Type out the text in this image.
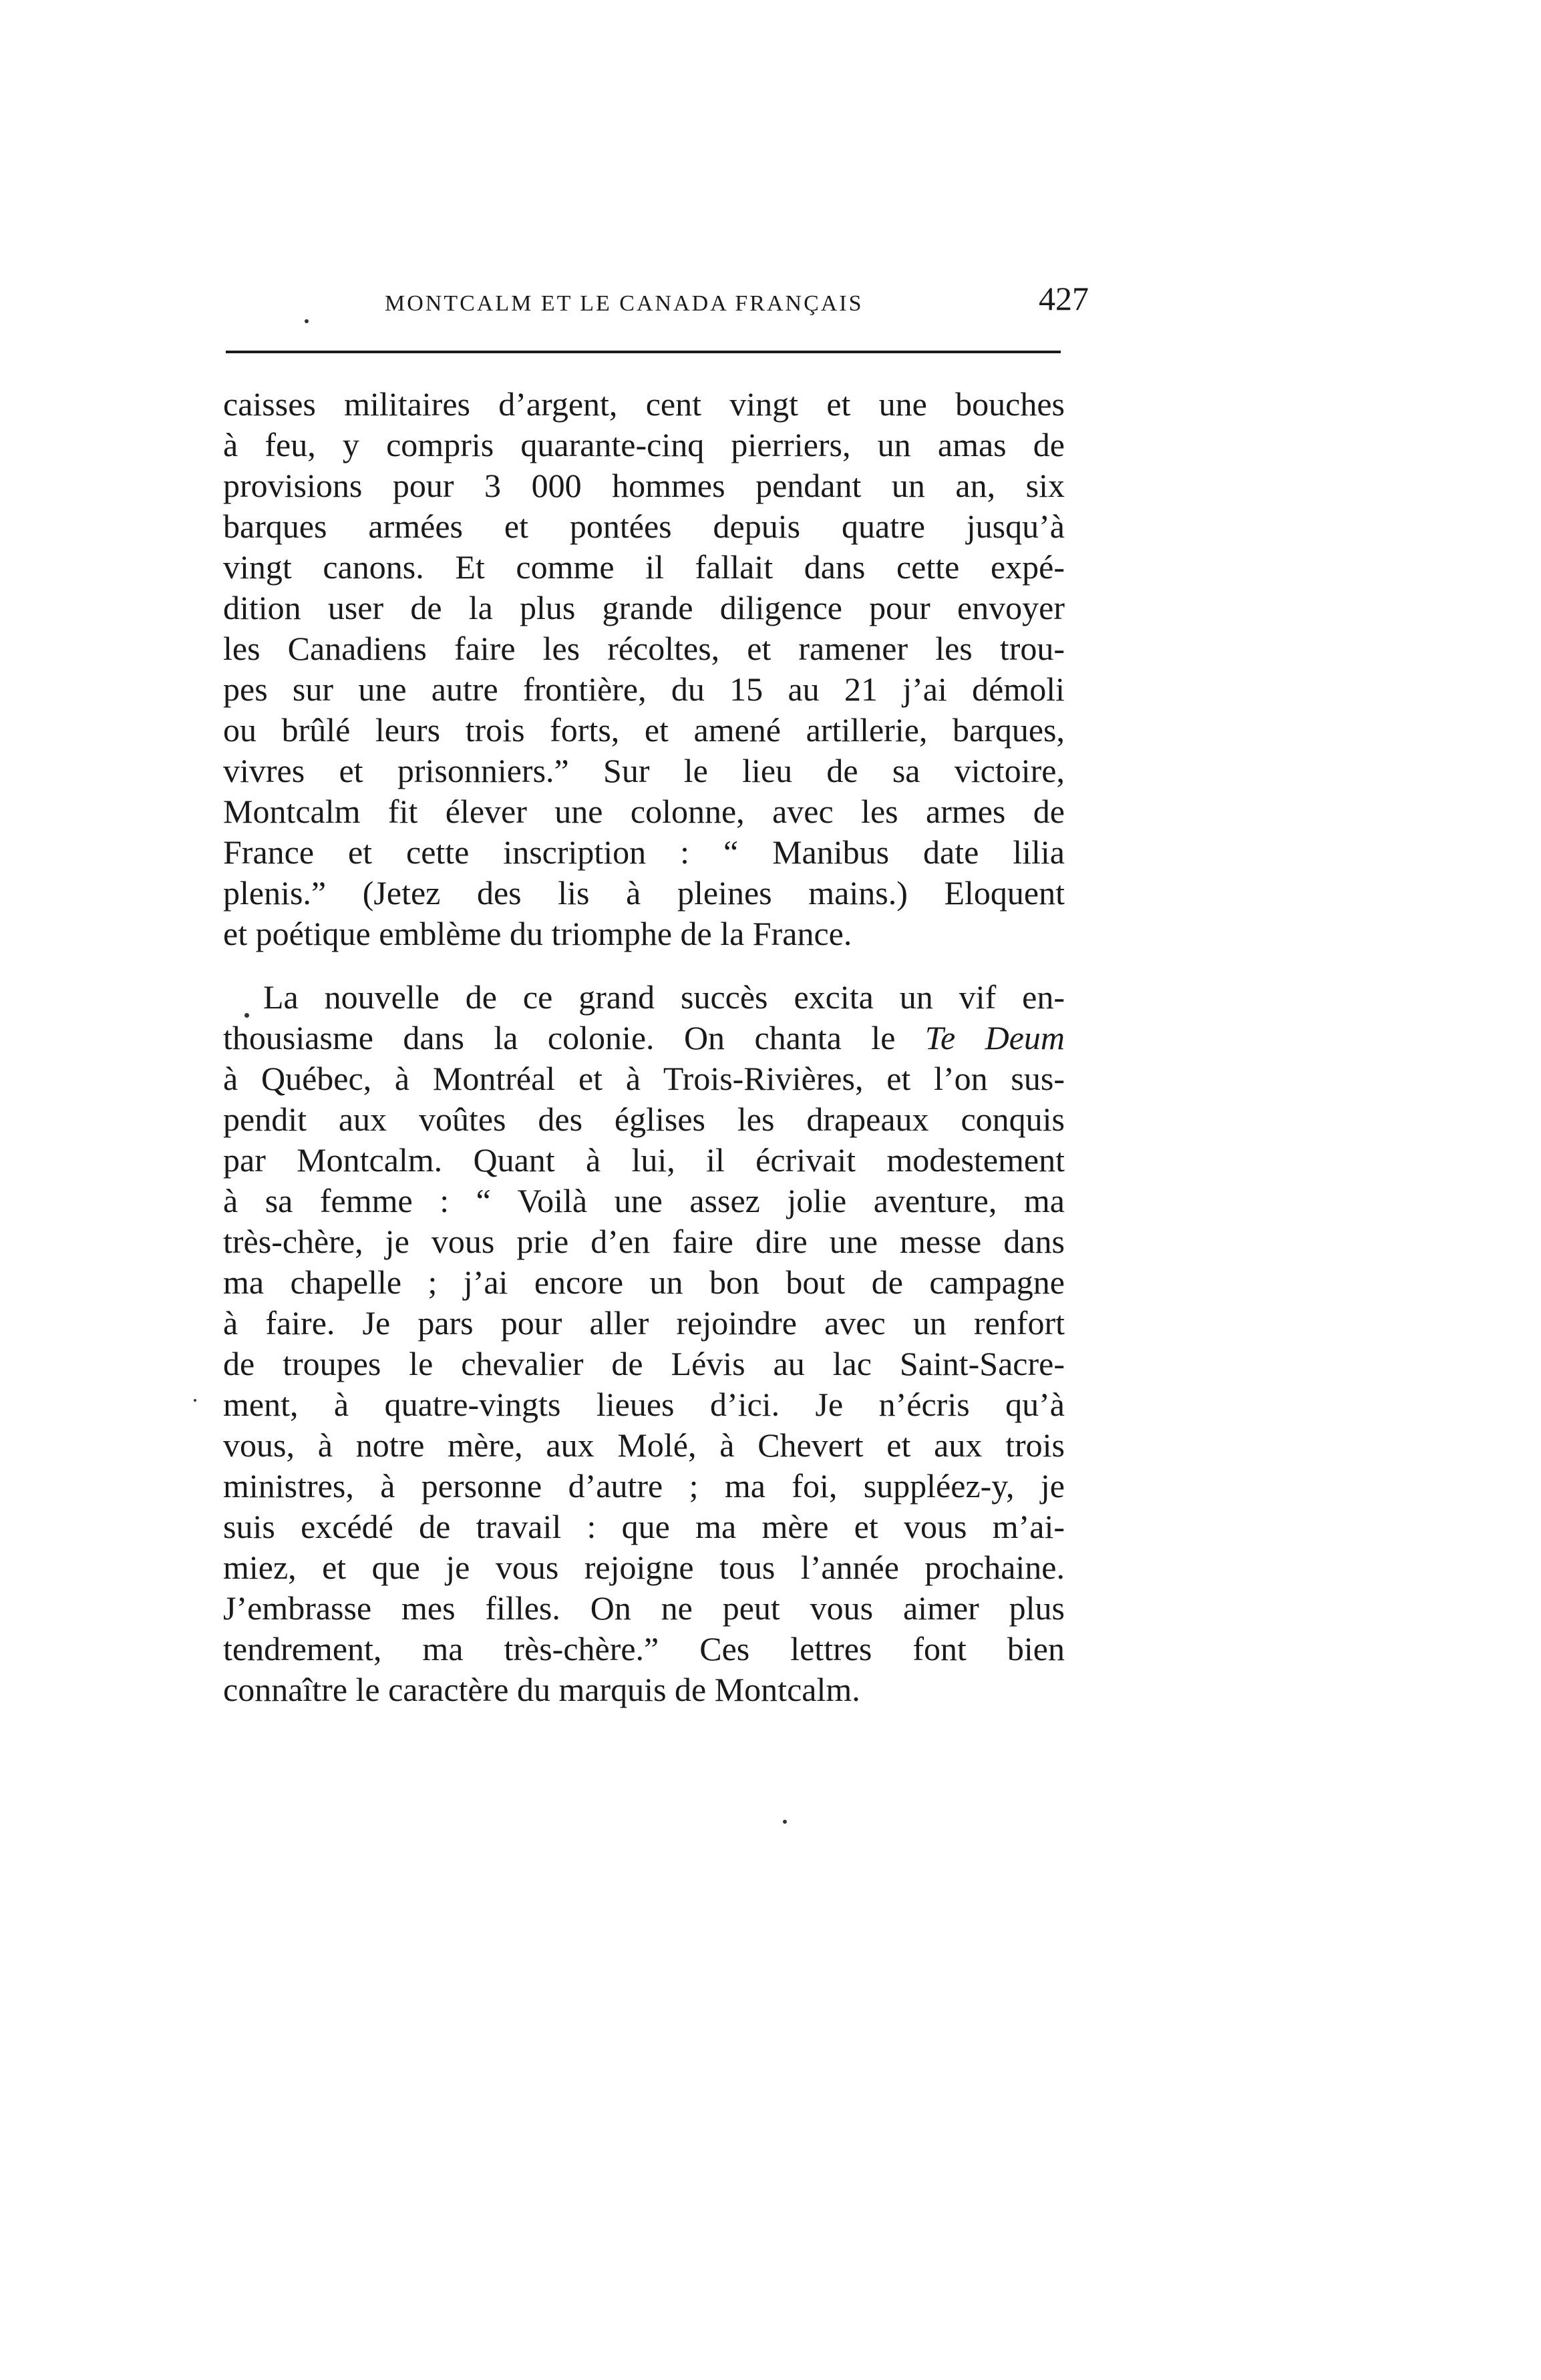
MONTCALM ET LE CANADA FRANÇAIS	427
caisses militaires d’argent, cent vingt et une bouches
à feu, y compris quarante-cinq pierriers, un amas de
provisions pour 3 000 hommes pendant un an, six
barques armées et pontées depuis quatre jusqu’à
vingt canons. Et comme il fallait dans cette expé-
dition user de la plus grande diligence pour envoyer
les Canadiens faire les récoltes, et ramener les trou-
pes sur une autre frontière, du 15 au 21 j’ai démoli
ou brûlé leurs trois forts, et amené artillerie, barques,
vivres et prisonniers.” Sur le lieu de sa victoire,
Montcalm fit élever une colonne, avec les armes de
France et cette inscription : “ Manibus date lilia
plenis.” (Jetez des lis à pleines mains.) Eloquent
et poétique emblème du triomphe de la France.
La nouvelle de ce grand succès excita un vif en-
thousiasme dans la colonie. On chanta le Te Deum
à Québec, à Montréal et à Trois-Rivières, et l’on sus-
pendit aux voûtes des églises les drapeaux conquis
par Montcalm. Quant à lui, il écrivait modestement
à sa femme : “ Voilà une assez jolie aventure, ma
très-chère, je vous prie d’en faire dire une messe dans
ma chapelle ; j’ai encore un bon bout de campagne
à faire. Je pars pour aller rejoindre avec un renfort
de troupes le chevalier de Lévis au lac Saint-Sacre-
ment, à quatre-vingts lieues d’ici. Je n’écris qu’à
vous, à notre mère, aux Molé, à Chevert et aux trois
ministres, à personne d’autre ; ma foi, suppléez-y, je
suis excédé de travail : que ma mère et vous m’ai-
miez, et que je vous rejoigne tous l’année prochaine.
J’embrasse mes filles. On ne peut vous aimer plus
tendrement, ma très-chère.” Ces lettres font bien
connaître le caractère du marquis de Montcalm.
